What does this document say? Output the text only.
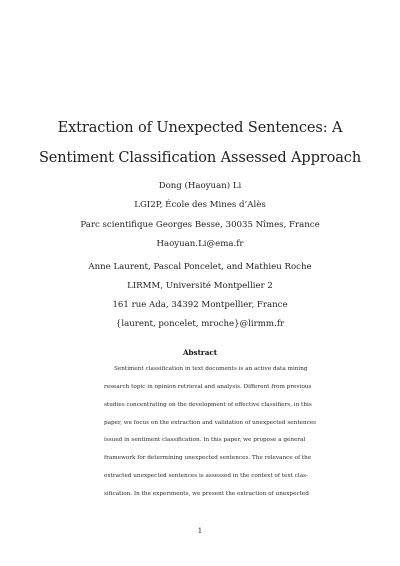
Extraction of Unexpected Sentences: A
Sentiment Classification Assessed Approach
Dong (Haoyuan) Li
LGI2P, École des Mines d’Alès
Parc scientifique Georges Besse, 30035 Nîmes, France
Haoyuan.Li@ema.fr
Anne Laurent, Pascal Poncelet, and Mathieu Roche
LIRMM, Université Montpellier 2
161 rue Ada, 34392 Montpellier, France
{laurent, poncelet, mroche}@lirmm.fr
Abstract
Sentiment classification in text documents is an active data mining
research topic in opinion retrieval and analysis. Different from previous
studies concentrating on the development of effective classifiers, in this
paper, we focus on the extraction and validation of unexpected sentences
issued in sentiment classification. In this paper, we propose a general
framework for determining unexpected sentences. The relevance of the
extracted unexpected sentences is assessed in the context of text clas-
sification. In the experiments, we present the extraction of unexpected
1
